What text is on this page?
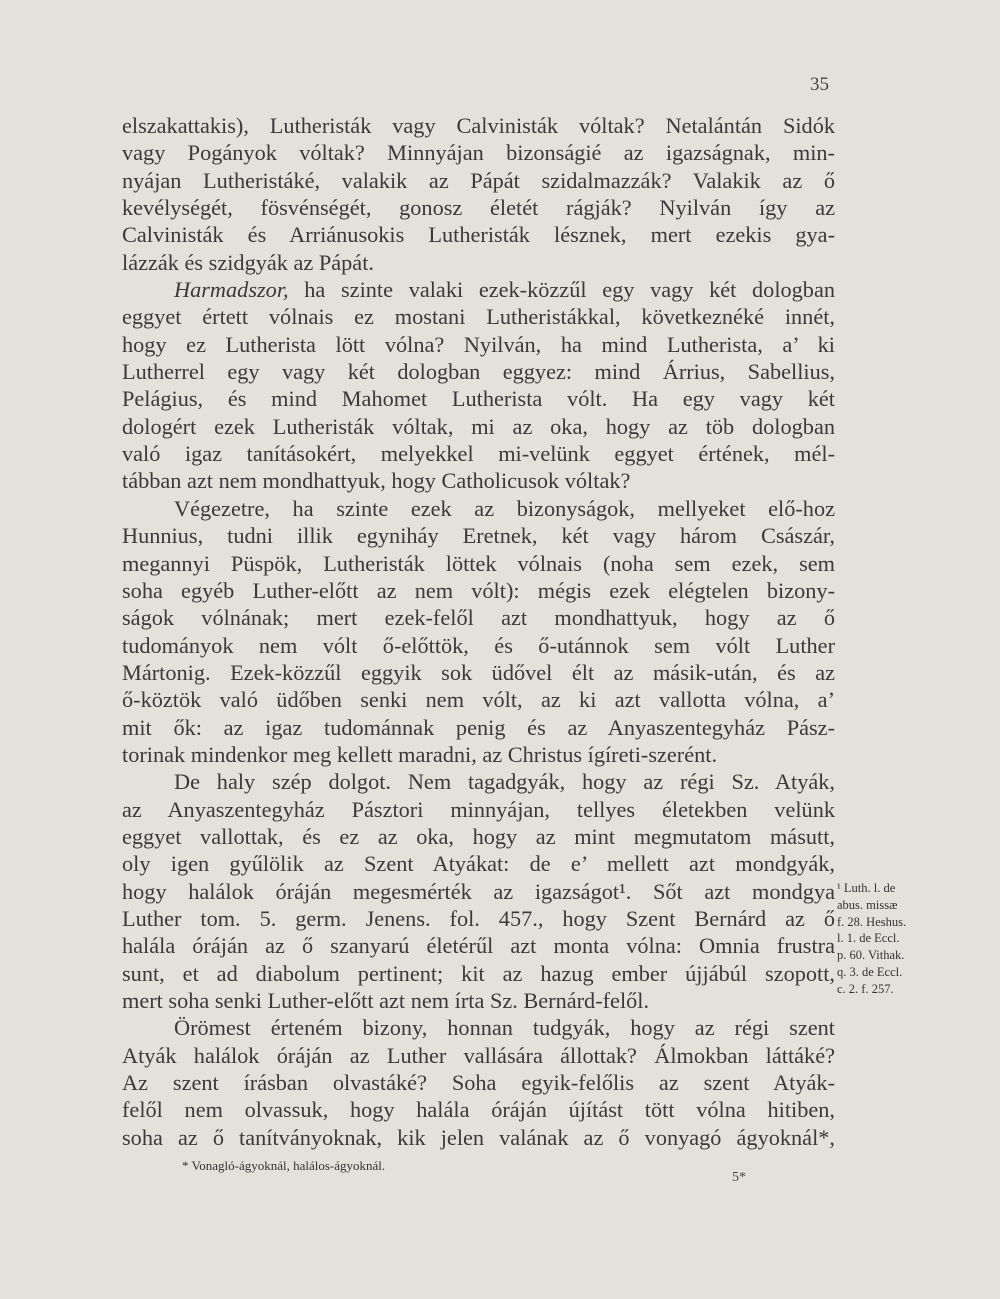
35
elszakattakis), Lutheristák vagy Calvinisták vóltak? Netalántán Sidók
vagy Pogányok vóltak? Minnyájan bizonságié az igazságnak, min-
nyájan Lutheristáké, valakik az Pápát szidalmazzák? Valakik az ő
kevélységét, fösvénségét, gonosz életét rágják? Nyilván így az
Calvinisták és Arriánusokis Lutheristák lésznek, mert ezekis gya-
lázzák és szidgyák az Pápát.
Harmadszor, ha szinte valaki ezek-közzűl egy vagy két dologban
eggyet értett vólnais ez mostani Lutheristákkal, következnéké innét,
hogy ez Lutherista lött vólna? Nyilván, ha mind Lutherista, a’ ki
Lutherrel egy vagy két dologban eggyez: mind Árrius, Sabellius,
Pelágius, és mind Mahomet Lutherista vólt. Ha egy vagy két
dologért ezek Lutheristák vóltak, mi az oka, hogy az töb dologban
való igaz tanításokért, melyekkel mi-velünk eggyet értének, mél-
tábban azt nem mondhattyuk, hogy Catholicusok vóltak?
Végezetre, ha szinte ezek az bizonyságok, mellyeket elő-hoz
Hunnius, tudni illik egyniháy Eretnek, két vagy három Császár,
megannyi Püspök, Lutheristák löttek vólnais (noha sem ezek, sem
soha egyéb Luther-előtt az nem vólt): mégis ezek elégtelen bizony-
ságok vólnának; mert ezek-felől azt mondhattyuk, hogy az ő
tudományok nem vólt ő-előttök, és ő-utánnok sem vólt Luther
Mártonig. Ezek-közzűl eggyik sok üdővel élt az másik-után, és az
ő-köztök való üdőben senki nem vólt, az ki azt vallotta vólna, a’
mit ők: az igaz tudománnak penig és az Anyaszentegyház Pász-
torinak mindenkor meg kellett maradni, az Christus ígíreti-szerént.
De haly szép dolgot. Nem tagadgyák, hogy az régi Sz. Atyák,
az Anyaszentegyház Pásztori minnyájan, tellyes életekben velünk
eggyet vallottak, és ez az oka, hogy az mint megmutatom másutt,
oly igen gyűlölik az Szent Atyákat: de e’ mellett azt mondgyák,
hogy halálok óráján megesmérték az igazságot¹. Sőt azt mondgya
Luther tom. 5. germ. Jenens. fol. 457., hogy Szent Bernárd az ő
halála óráján az ő szanyarú életérűl azt monta vólna: Omnia frustra
sunt, et ad diabolum pertinent; kit az hazug ember újjábúl szopott,
mert soha senki Luther-előtt azt nem írta Sz. Bernárd-felől.
Örömest érteném bizony, honnan tudgyák, hogy az régi szent
Atyák halálok óráján az Luther vallására állottak? Álmokban láttáké?
Az szent írásban olvastáké? Soha egyik-felőlis az szent Atyák-
felől nem olvassuk, hogy halála óráján újítást tött vólna hitiben,
soha az ő tanítványoknak, kik jelen valának az ő vonyagó ágyoknál*,
¹ Luth. l. de
abus. missæ
f. 28. Heshus.
l. 1. de Eccl.
p. 60. Vithak.
q. 3. de Eccl.
c. 2. f. 257.
* Vonagló-ágyoknál, halálos-ágyoknál.
5*
